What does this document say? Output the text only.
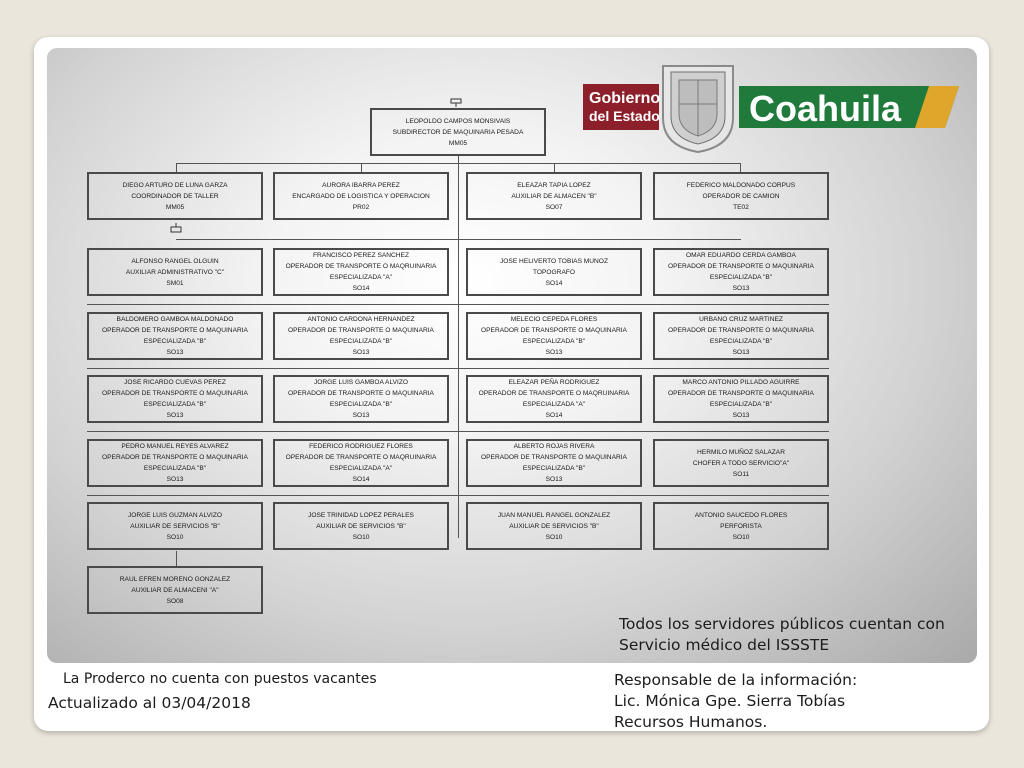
Gobierno
del Estado Coahuila
LEOPOLDO CAMPOS MONSIVAIS
SUBDIRECTOR DE MAQUINARIA PESADA
MM05
DIEGO ARTURO DE LUNA GARZA
COORDINADOR DE TALLER
MM05
AURORA IBARRA PEREZ
ENCARGADO DE LOGISTICA Y OPERACION
PR02
ELEAZAR TAPIA LOPEZ
AUXILIAR DE ALMACEN "B"
SO07
FEDERICO MALDONADO CORPUS
OPERADOR DE CAMION
TE02
ALFONSO RANGEL OLGUIN
AUXILIAR ADMINISTRATIVO "C"
SM01
FRANCISCO PEREZ SANCHEZ
OPERADOR DE TRANSPORTE O MAQRUINARIA
ESPECIALIZADA "A"
SO14
JOSE HELIVERTO TOBIAS MUNOZ
TOPOGRAFO
SO14
OMAR EDUARDO CERDA GAMBOA
OPERADOR DE TRANSPORTE O MAQUINARIA
ESPECIALIZADA "B"
SO13
BALDOMERO GAMBOA MALDONADO
OPERADOR DE TRANSPORTE O MAQUINARIA
ESPECIALIZADA "B"
SO13
ANTONIO CARDONA HERNANDEZ
OPERADOR DE TRANSPORTE O MAQUINARIA
ESPECIALIZADA "B"
SO13
MELECIO CEPEDA FLORES
OPERADOR DE TRANSPORTE O MAQUINARIA
ESPECIALIZADA "B"
SO13
URBANO CRUZ MARTINEZ
OPERADOR DE TRANSPORTE O MAQUINARIA
ESPECIALIZADA "B"
SO13
JOSE RICARDO CUEVAS PEREZ
OPERADOR DE TRANSPORTE O MAQUINARIA
ESPECIALIZADA "B"
SO13
JORGE LUIS GAMBOA ALVIZO
OPERADOR DE TRANSPORTE O MAQUINARIA
ESPECIALIZADA "B"
SO13
ELEAZAR PEÑA RODRIGUEZ
OPERADOR DE TRANSPORTE O MAQRUINARIA
ESPECIALIZADA "A"
SO14
MARCO ANTONIO PILLADO AGUIRRE
OPERADOR DE TRANSPORTE O MAQUINARIA
ESPECIALIZADA "B"
SO13
PEDRO MANUEL REYES ALVAREZ
OPERADOR DE TRANSPORTE O MAQUINARIA
ESPECIALIZADA "B"
SO13
FEDERICO RODRIGUEZ FLORES
OPERADOR DE TRANSPORTE O MAQRUINARIA
ESPECIALIZADA "A"
SO14
ALBERTO ROJAS RIVERA
OPERADOR DE TRANSPORTE O MAQUINARIA
ESPECIALIZADA "B"
SO13
HERMILO MUÑOZ SALAZAR
CHOFER A TODO SERVICIO"A"
SO11
JORGE LUIS GUZMAN ALVIZO
AUXILIAR DE SERVICIOS "B"
SO10
JOSE TRINIDAD LOPEZ PERALES
AUXILIAR DE SERVICIOS "B"
SO10
JUAN MANUEL RANGEL GONZALEZ
AUXILIAR DE SERVICIOS "B"
SO10
ANTONIO SAUCEDO FLORES
PERFORISTA
SO10
RAUL EFREN MORENO GONZALEZ
AUXILIAR DE ALMACENI "A"
SO08
Todos los servidores públicos cuentan con
Servicio médico del ISSSTE
La Proderco no cuenta con puestos vacantes
Actualizado al 03/04/2018
Responsable de la información:
Lic. Mónica Gpe. Sierra Tobías
Recursos Humanos.
